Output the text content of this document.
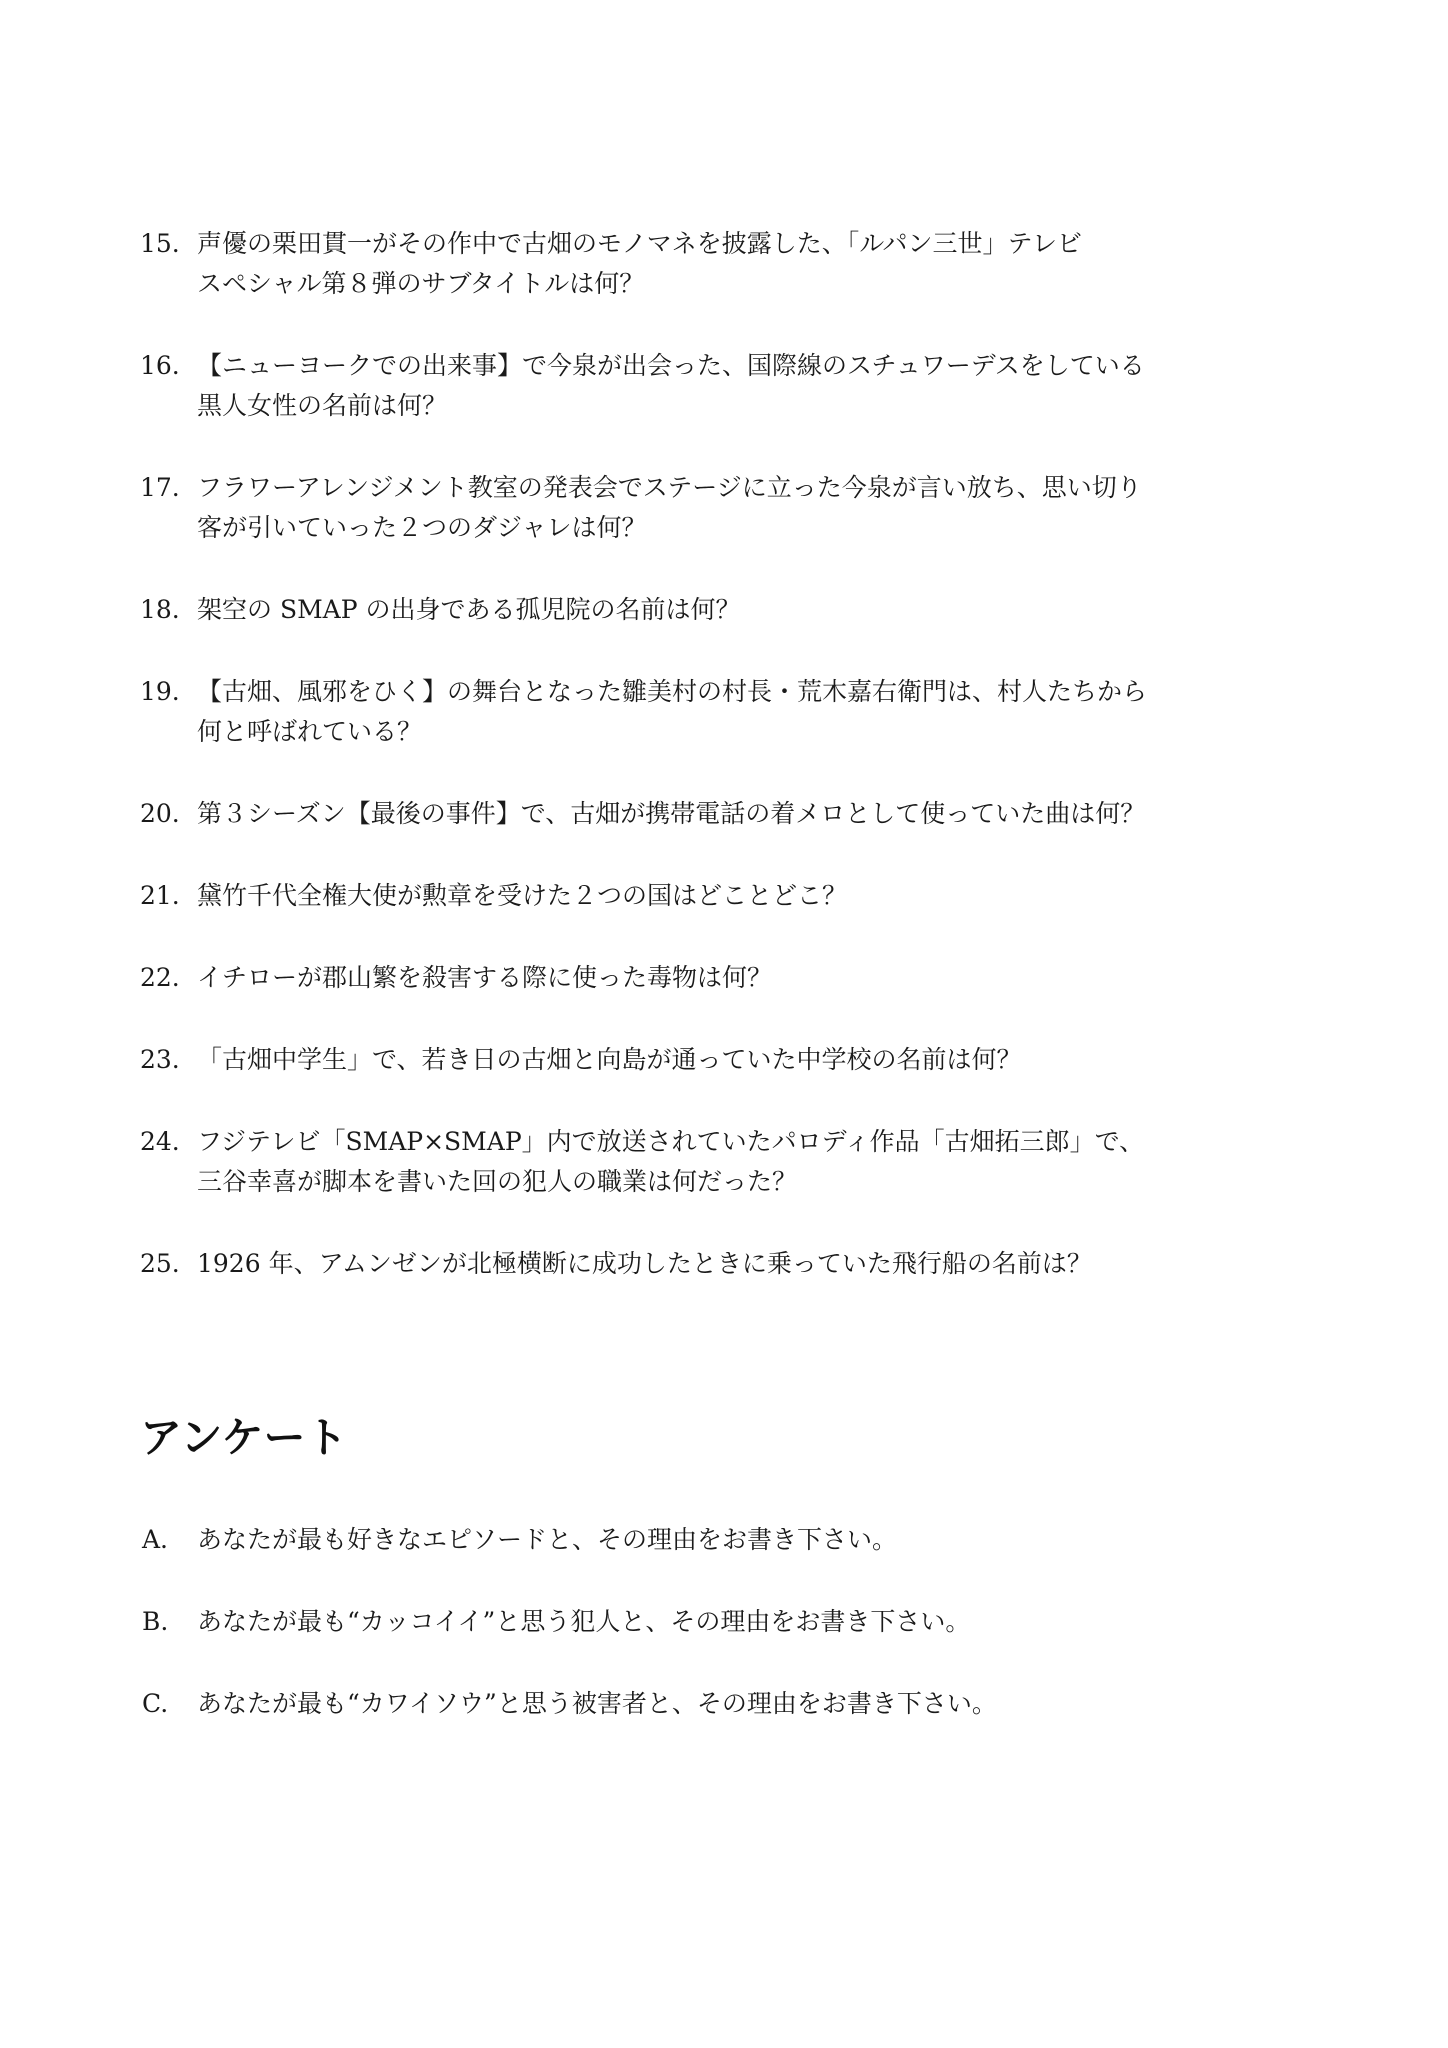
15. 声優の栗田貫一がその作中で古畑のモノマネを披露した、「ルパン三世」テレビ
スペシャル第８弾のサブタイトルは何？
16. 【ニューヨークでの出来事】で今泉が出会った、国際線のスチュワーデスをしている
黒人女性の名前は何？
17. フラワーアレンジメント教室の発表会でステージに立った今泉が言い放ち、思い切り
客が引いていった２つのダジャレは何？
18. 架空の SMAP の出身である孤児院の名前は何？
19. 【古畑、風邪をひく】の舞台となった雛美村の村長・荒木嘉右衛門は、村人たちから
何と呼ばれている？
20. 第３シーズン【最後の事件】で、古畑が携帯電話の着メロとして使っていた曲は何？
21. 黛竹千代全権大使が勲章を受けた２つの国はどことどこ？
22. イチローが郡山繁を殺害する際に使った毒物は何？
23. 「古畑中学生」で、若き日の古畑と向島が通っていた中学校の名前は何？
24. フジテレビ「SMAP×SMAP」内で放送されていたパロディ作品「古畑拓三郎」で、
三谷幸喜が脚本を書いた回の犯人の職業は何だった？
25. 1926 年、アムンゼンが北極横断に成功したときに乗っていた飛行船の名前は？
アンケート
A. あなたが最も好きなエピソードと、その理由をお書き下さい。
B. あなたが最も“カッコイイ”と思う犯人と、その理由をお書き下さい。
C. あなたが最も“カワイソウ”と思う被害者と、その理由をお書き下さい。
